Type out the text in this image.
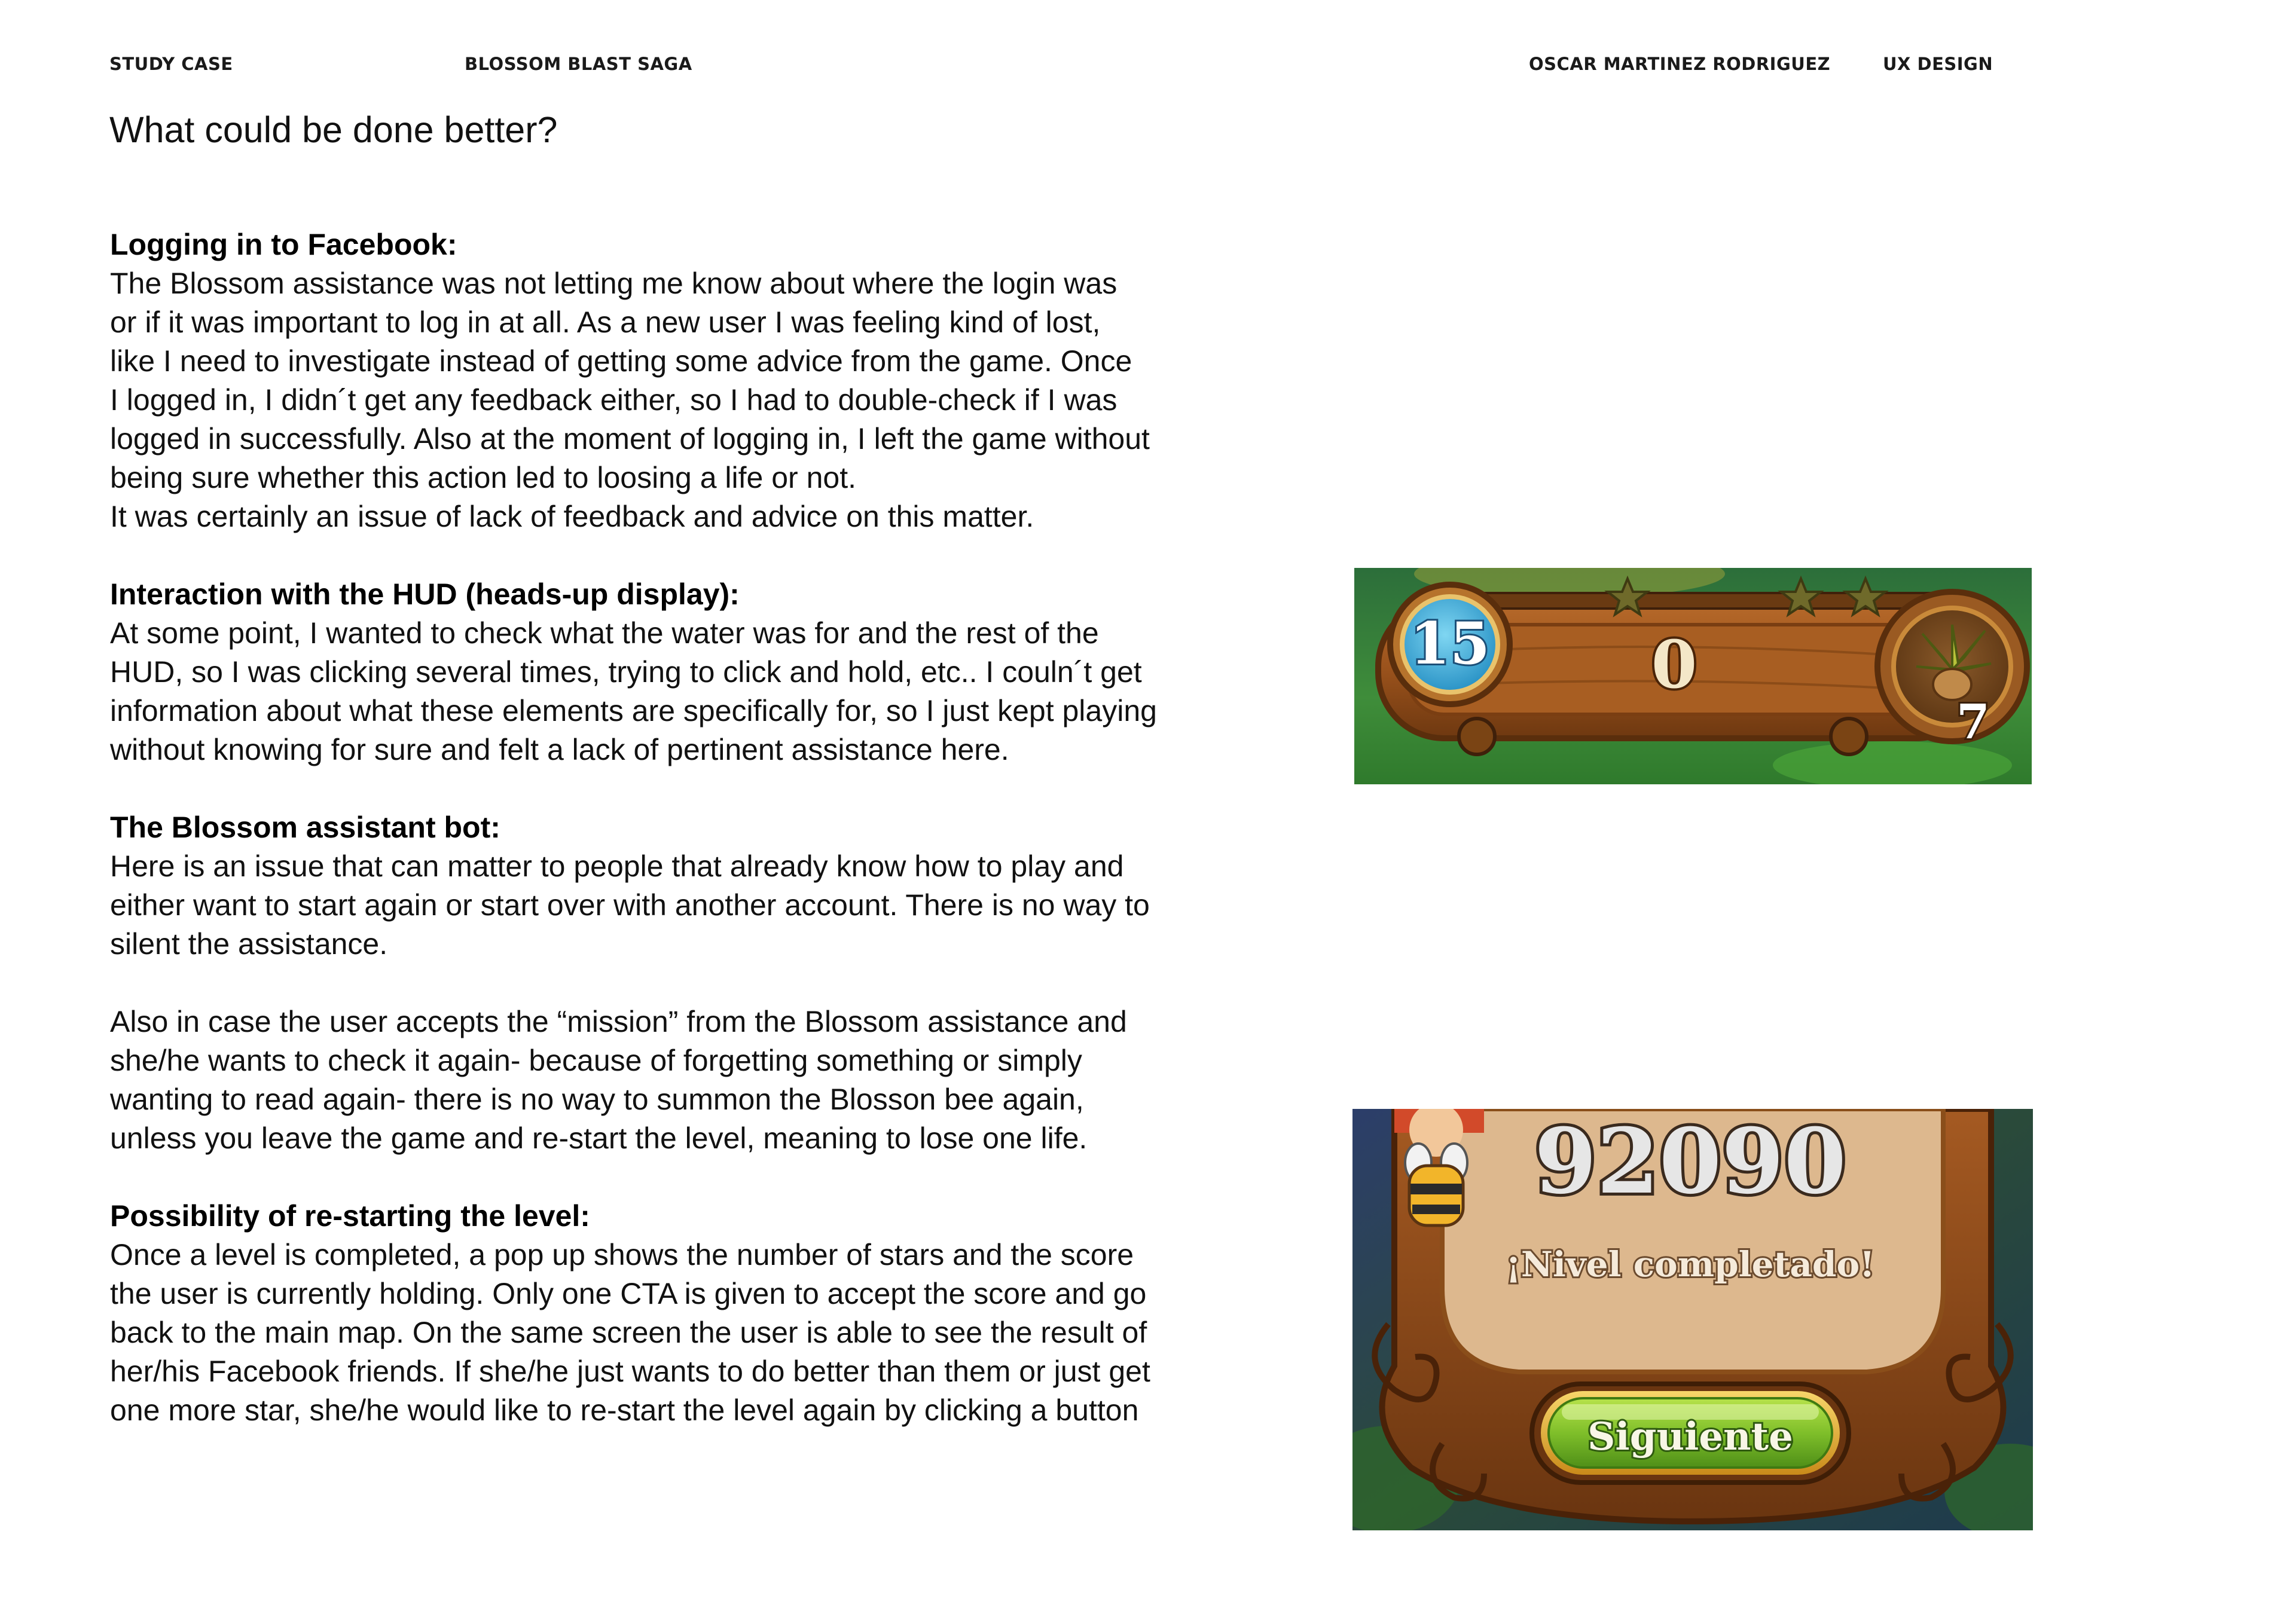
STUDY CASE	BLOSSOM BLAST SAGA	OSCAR MARTINEZ RODRIGUEZ	UX DESIGN
What could be done better?
Logging in to Facebook:
The Blossom assistance was not letting me know about where the login was
or if it was important to log in at all. As a new user I was feeling kind of lost,
like I need to investigate instead of getting some advice from the game. Once
I logged in, I didn´t get any feedback either, so I had to double-check if I was
logged in successfully. Also at the moment of logging in, I left the game without
being sure whether this action led to loosing a life or not.
It was certainly an issue of lack of feedback and advice on this matter.
Interaction with the HUD (heads-up display):
At some point, I wanted to check what the water was for and the rest of the
HUD, so I was clicking several times, trying to click and hold, etc.. I couln´t get
information about what these elements are specifically for, so I just kept playing
without knowing for sure and felt a lack of pertinent assistance here.
The Blossom assistant bot:
Here is an issue that can matter to people that already know how to play and
either want to start again or start over with another account. There is no way to
silent the assistance.
Also in case the user accepts the “mission” from the Blossom assistance and
she/he wants to check it again- because of forgetting something or simply
wanting to read again- there is no way to summon the Blosson bee again,
unless you leave the game and re-start the level, meaning to lose one life.
Possibility of re-starting the level:
Once a level is completed, a pop up shows the number of stars and the score
the user is currently holding. Only one CTA is given to accept the score and go
back to the main map. On the same screen the user is able to see the result of
her/his Facebook friends. If she/he just wants to do better than them or just get
one more star, she/he would like to re-start the level again by clicking a button
15 0
7
92090
¡Nivel completado!
Siguiente
